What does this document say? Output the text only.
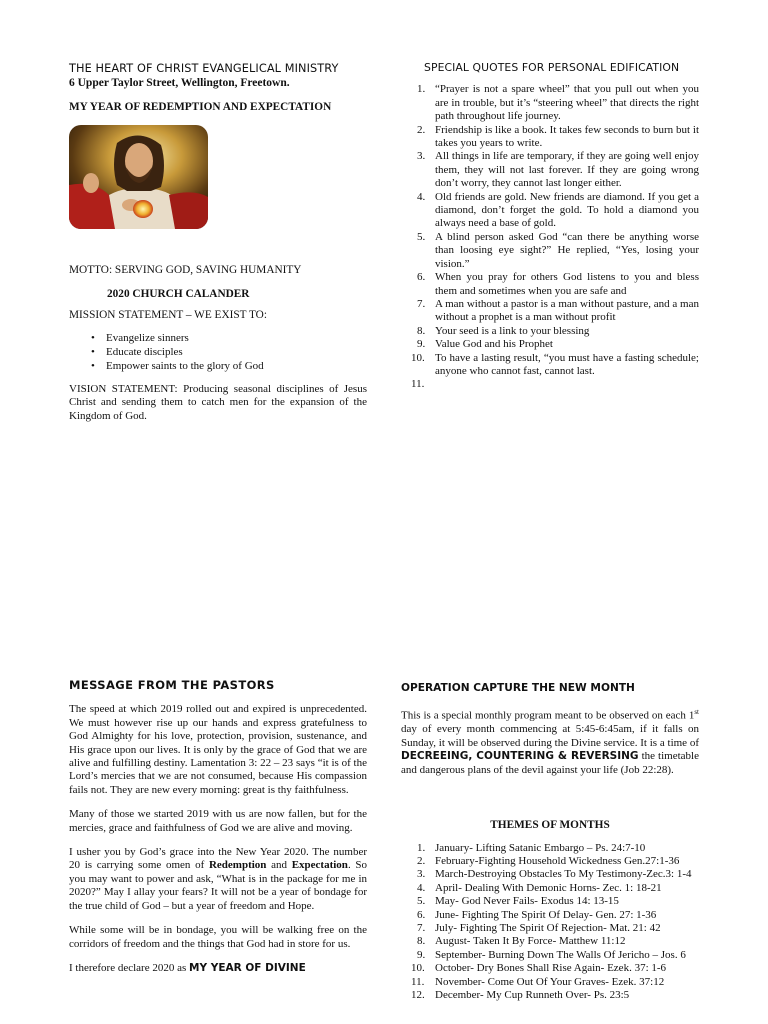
THE HEART OF CHRIST EVANGELICAL MINISTRY
6 Upper Taylor Street, Wellington, Freetown.
MY YEAR OF REDEMPTION AND EXPECTATION
MOTTO: SERVING GOD, SAVING HUMANITY
2020 CHURCH CALANDER
MISSION STATEMENT – WE EXIST TO:
• Evangelize sinners
• Educate disciples
• Empower saints to the glory of God
VISION STATEMENT: Producing seasonal disciplines of Jesus Christ and sending them to catch men for the expansion of the Kingdom of God.
SPECIAL QUOTES FOR PERSONAL EDIFICATION
1. “Prayer is not a spare wheel” that you pull out when you are in trouble, but it’s “steering wheel” that directs the right path throughout life journey.
2. Friendship is like a book. It takes few seconds to burn but it takes you years to write.
3. All things in life are temporary, if they are going well enjoy them, they will not last forever. If they are going wrong don’t worry, they cannot last longer either.
4. Old friends are gold. New friends are diamond. If you get a diamond, don’t forget the gold. To hold a diamond you always need a base of gold.
5. A blind person asked God “can there be anything worse than loosing eye sight?” He replied, “Yes, losing your vision.”
6. When you pray for others God listens to you and bless them and sometimes when you are safe and
7. A man without a pastor is a man without pasture, and a man without a prophet is a man without profit
8. Your seed is a link to your blessing
9. Value God and his Prophet
10. To have a lasting result, “you must have a fasting schedule; anyone who cannot fast, cannot last.
11.

MESSAGE FROM THE PASTORS

The speed at which 2019 rolled out and expired is unprecedented. We must however rise up our hands and express gratefulness to God Almighty for his love, protection, provision, sustenance, and His grace upon our lives. It is only by the grace of God that we are alive and fulfilling destiny. Lamentation 3: 22 – 23 says “it is of the Lord’s mercies that we are not consumed, because His compassion fails not. They are new every morning: great is thy faithfulness.

Many of those we started 2019 with us are now fallen, but for the mercies, grace and faithfulness of God we are alive and moving.

I usher you by God’s grace into the New Year 2020. The number 20 is carrying some omen of Redemption and Expectation. So you may want to power and ask, “What is in the package for me in 2020?” May I allay your fears? It will not be a year of bondage for the true child of God – but a year of freedom and Hope.

While some will be in bondage, you will be walking free on the corridors of freedom and the things that God had in store for us.

I therefore declare 2020 as MY YEAR OF DIVINE

OPERATION CAPTURE THE NEW MONTH

This is a special monthly program meant to be observed on each 1st day of every month commencing at 5:45-6:45am, if it falls on Sunday, it will be observed during the Divine service. It is a time of DECREEING, COUNTERING & REVERSING the timetable and dangerous plans of the devil against your life (Job 22:28).

THEMES OF MONTHS
1. January- Lifting Satanic Embargo – Ps. 24:7-10
2. February-Fighting Household Wickedness Gen.27:1-36
3. March-Destroying Obstacles To My Testimony-Zec.3: 1-4
4. April- Dealing With Demonic Horns- Zec. 1: 18-21
5. May- God Never Fails- Exodus 14: 13-15
6. June- Fighting The Spirit Of Delay- Gen. 27: 1-36
7. July- Fighting The Spirit Of Rejection- Mat. 21: 42
8. August- Taken It By Force- Matthew 11:12
9. September- Burning Down The Walls Of Jericho – Jos. 6
10. October- Dry Bones Shall Rise Again- Ezek. 37: 1-6
11. November- Come Out Of Your Graves- Ezek. 37:12
12. December- My Cup Runneth Over- Ps. 23:5
